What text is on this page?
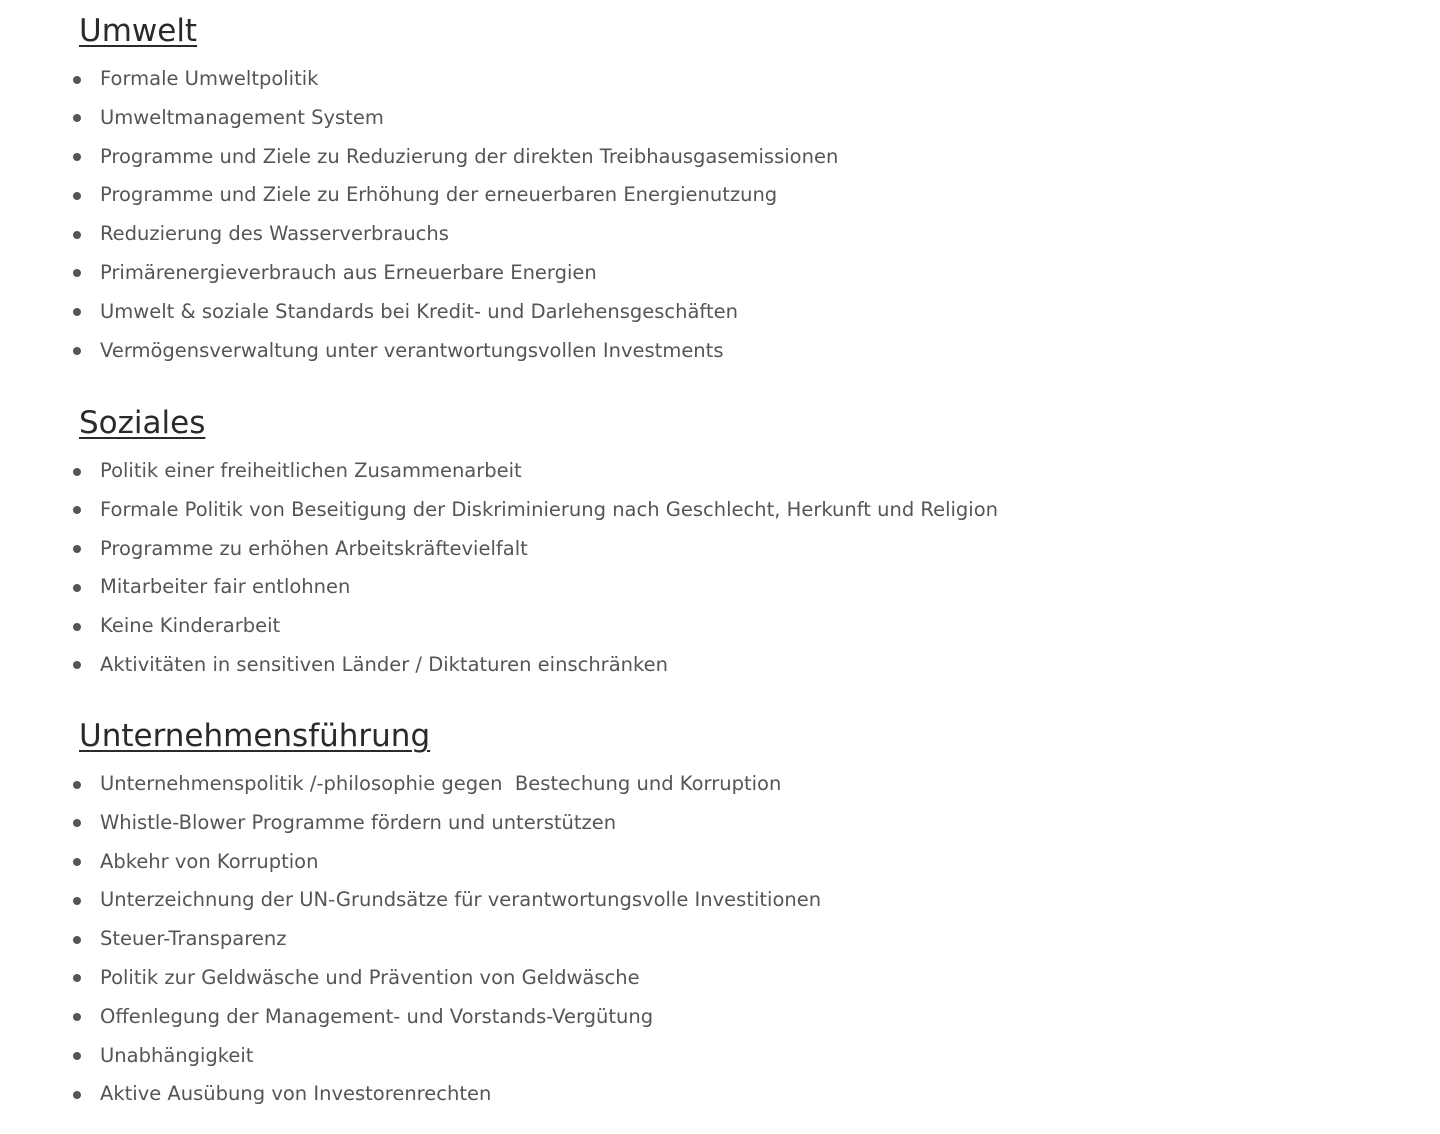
Umwelt
Formale Umweltpolitik
Umweltmanagement System
Programme und Ziele zu Reduzierung der direkten Treibhausgasemissionen
Programme und Ziele zu Erhöhung der erneuerbaren Energienutzung
Reduzierung des Wasserverbrauchs
Primärenergieverbrauch aus Erneuerbare Energien
Umwelt & soziale Standards bei Kredit- und Darlehensgeschäften
Vermögensverwaltung unter verantwortungsvollen Investments
Soziales
Politik einer freiheitlichen Zusammenarbeit
Formale Politik von Beseitigung der Diskriminierung nach Geschlecht, Herkunft und Religion
Programme zu erhöhen Arbeitskräftevielfalt
Mitarbeiter fair entlohnen
Keine Kinderarbeit
Aktivitäten in sensitiven Länder / Diktaturen einschränken
Unternehmensführung
Unternehmenspolitik /-philosophie gegen  Bestechung und Korruption
Whistle-Blower Programme fördern und unterstützen
Abkehr von Korruption
Unterzeichnung der UN-Grundsätze für verantwortungsvolle Investitionen
Steuer-Transparenz
Politik zur Geldwäsche und Prävention von Geldwäsche
Offenlegung der Management- und Vorstands-Vergütung
Unabhängigkeit
Aktive Ausübung von Investorenrechten
